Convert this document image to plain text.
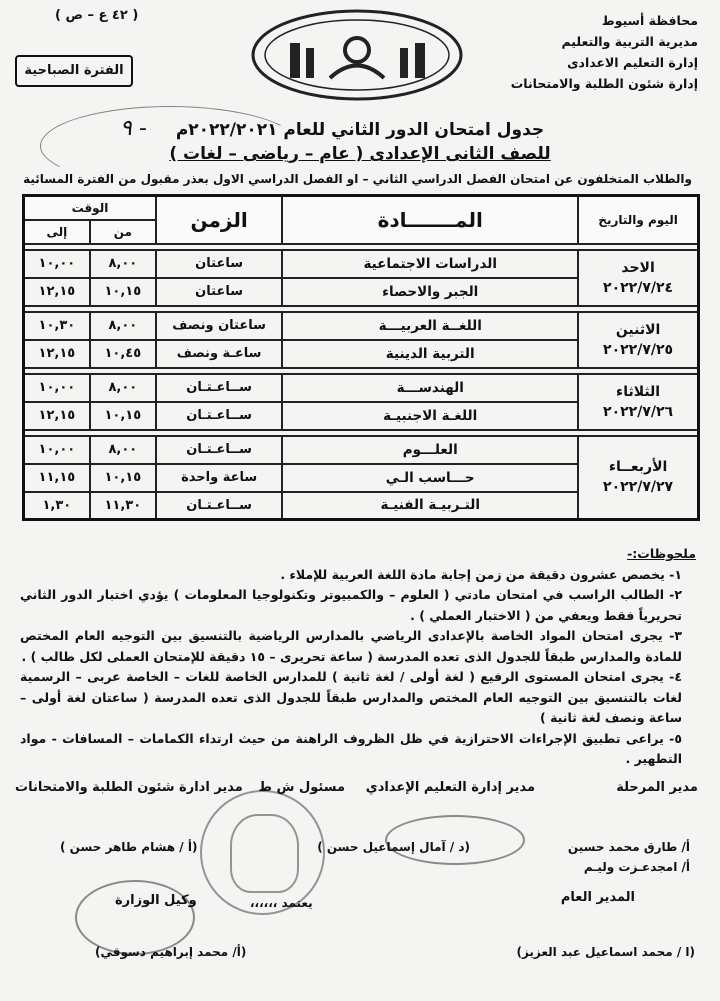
محافظة أسيوط
مديرية التربية والتعليم
إدارة التعليم الاعدادى
إدارة شئون الطلبة والامتحانات
( ٤٢ ع – ص )
الفترة الصباحية
جدول امتحان الدور الثاني للعام ٢٠٢٢/٢٠٢١م
للصف الثانى الإعدادى ( عام – رياضى – لغات )
٩ -
والطلاب المتخلفون عن امتحان الفصل الدراسي الثاني – او الفصل الدراسي الاول بعذر مقبول من الفترة المسائية
اليوم والتاريخ	المـــــــادة	الزمن	الوقت	
			من	إلى

الاحد
٢٠٢٢/٧/٢٤	الدراسات الاجتماعية	ساعتان	٨,٠٠	١٠,٠٠
	الجبر والاحصاء	ساعتان	١٠,١٥	١٢,١٥

الاثنين
٢٠٢٢/٧/٢٥	اللغــة العربيـــة	ساعتان ونصف	٨,٠٠	١٠,٣٠
	التربية الدينية	ساعـة ونصف	١٠,٤٥	١٢,١٥

الثلاثاء
٢٠٢٢/٧/٢٦	الهندســـة	ســاعـتـان	٨,٠٠	١٠,٠٠
	اللغـة الاجنبيـة	ســاعـتـان	١٠,١٥	١٢,١٥

الأربعــاء
٢٠٢٢/٧/٢٧	العلـــوم	ســاعـتـان	٨,٠٠	١٠,٠٠
	حـــاسب الـي	ساعة واحدة	١٠,١٥	١١,١٥
	التـربيـة الفنيـة	ســاعـتـان	١١,٣٠	١,٣٠
ملحوظات:-
١- يخصص عشرون دقيقة من زمن إجابة مادة اللغة العربية للإملاء .
٢- الطالب الراسب في امتحان مادتي ( العلوم – والكمبيوتر وتكنولوجيا المعلومات ) يؤدي اختبار الدور الثاني تحريرياً فقط ويعفي من ( الاختبار العملي ) .
٣- يجرى امتحان المواد الخاصة بالإعدادى الرياضي بالمدارس الرياضية بالتنسيق بين التوجيه العام المختص للمادة والمدارس طبقاً للجدول الذى تعده المدرسة ( ساعة تحريرى – ١٥ دقيقة للإمتحان العملى لكل طالب ) .
٤- يجرى امتحان المستوى الرفيع ( لغة أولى / لغة ثانية ) للمدارس الخاصة للغات – الخاصة عربى – الرسمية لغات بالتنسيق بين التوجيه العام المختص والمدارس طبقاً للجدول الذى تعده المدرسة ( ساعتان لغة أولى – ساعة ونصف لغة ثانية )
٥- يراعى تطبيق الإجراءات الاحترازية في ظل الظروف الراهنة من حيث ارتداء الكمامات – المسافات - مواد التطهير .
مدير المرحلة
مدير إدارة التعليم الإعدادي
مسئول ش ط
مدير ادارة شئون الطلبة والامتحانات
أ/ طارق محمد حسين
أ/ امجدعـزت وليـم
(د / آمال إسماعيل حسن )
(أ / هشام طاهر حسن )
المدير العام
(ا / محمد اسماعيل عبد العزيز)
يعتمد ،،،،،،
وكيل الوزارة
(أ/ محمد إبراهيم دسوقي)
